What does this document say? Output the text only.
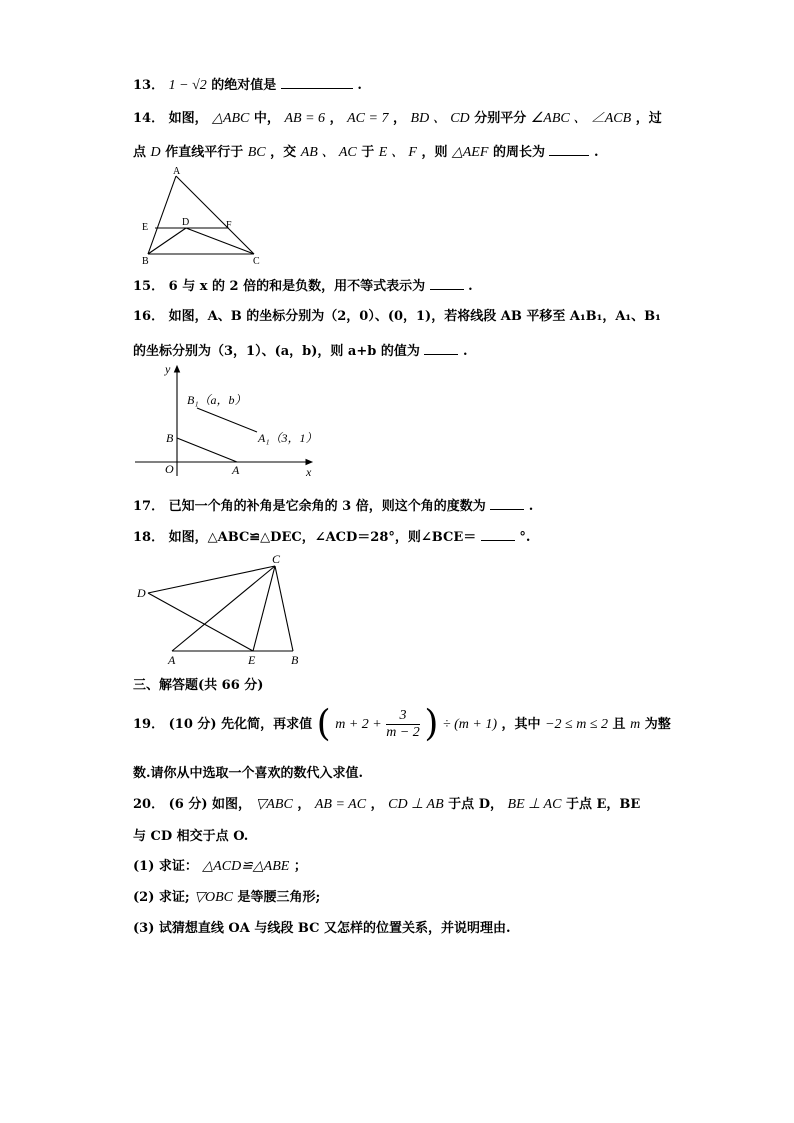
13． 1 − √2 的绝对值是	.
14． 如图， △ABC 中， AB = 6 ， AC = 7 ， BD 、 CD 分别平分 ∠ABC 、 ∠ACB ，过
点 D 作直线平行于 BC ，交 AB 、 AC 于 E 、 F ，则 △AEF 的周长为	.
A
B	C
D
E	F
15． 6 与 x 的 2 倍的和是负数，用不等式表示为	.
16． 如图，A、B 的坐标分别为（2，0）、(0，1)，若将线段 AB 平移至 A₁B₁，A₁、B₁
的坐标分别为（3，1）、(a，b)，则 a+b 的值为	.
y
x
O	A
B
B₁（a，b）
A₁（3，1）
17． 已知一个角的补角是它余角的 3 倍，则这个角的度数为	.
18． 如图，△ABC≌△DEC，∠ACD＝28°，则∠BCE＝	°.
C
D
A	E	B
三、解答题(共 66 分)
19． (10 分) 先化简，再求值 ( $m + 2 + \frac{3}{m - 2}$ ) ÷ (m + 1) ，其中 −2 ≤ m ≤ 2 且 m 为整
数.请你从中选取一个喜欢的数代入求值.
20． (6 分) 如图， ▽ABC ， AB = AC ， CD ⊥ AB 于点 D， BE ⊥ AC 于点 E，BE
与 CD 相交于点 O.
(1) 求证： △ACD≌△ABE ；
(2) 求证; ▽OBC 是等腰三角形;
(3) 试猜想直线 OA 与线段 BC 又怎样的位置关系，并说明理由.
